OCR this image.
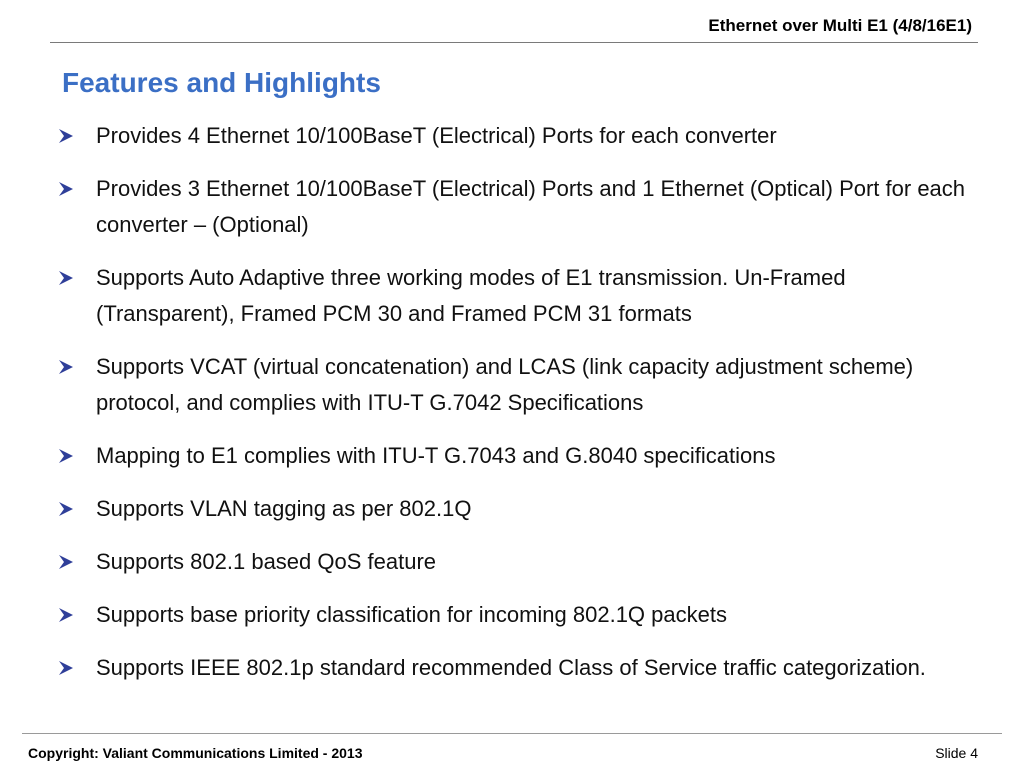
Ethernet over Multi E1 (4/8/16E1)
Features and Highlights
Provides 4 Ethernet 10/100BaseT (Electrical) Ports for each converter
Provides 3 Ethernet 10/100BaseT (Electrical) Ports and 1 Ethernet (Optical) Port for each converter – (Optional)
Supports Auto Adaptive three working modes of E1 transmission. Un-Framed (Transparent), Framed PCM 30 and Framed PCM 31 formats
Supports VCAT (virtual concatenation) and LCAS (link capacity adjustment scheme) protocol, and complies with ITU-T G.7042 Specifications
Mapping to E1 complies with ITU-T G.7043 and G.8040 specifications
Supports VLAN tagging as per 802.1Q
Supports 802.1 based QoS feature
Supports base priority classification for incoming 802.1Q packets
Supports IEEE 802.1p standard recommended Class of Service traffic categorization.
Copyright: Valiant Communications Limited - 2013	Slide 4
